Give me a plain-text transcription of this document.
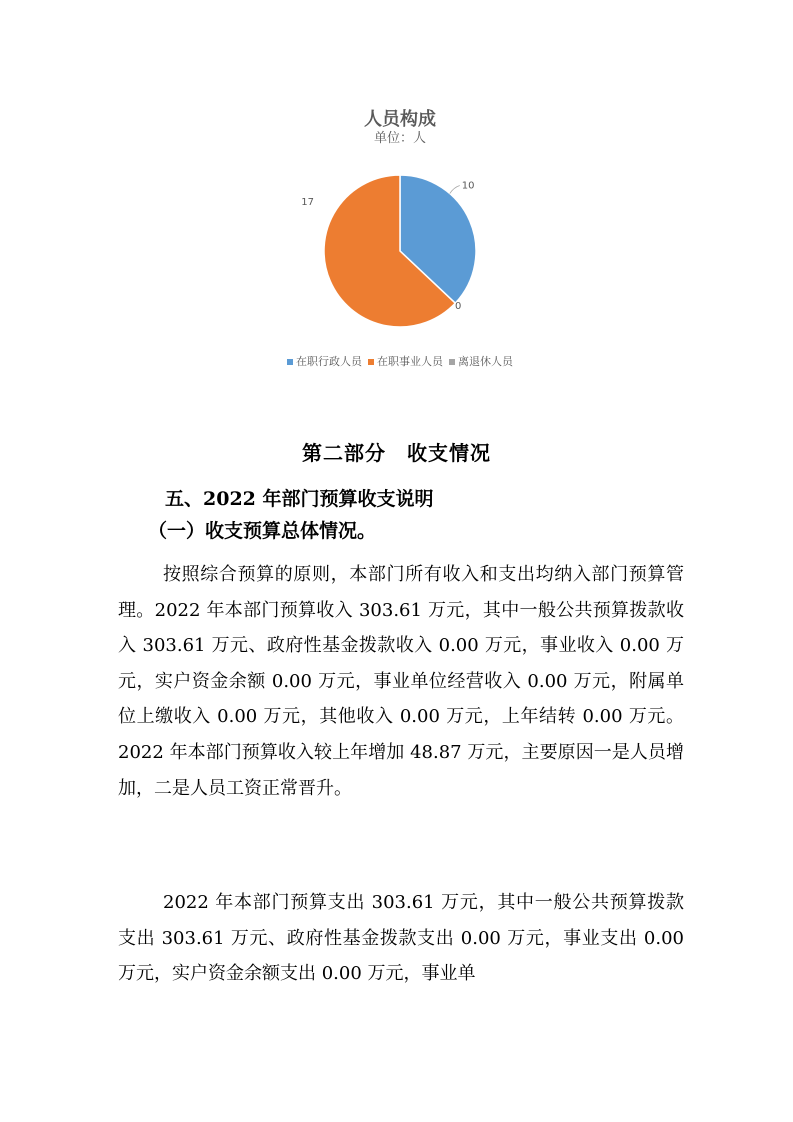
人员构成
单位：人
10
17
0
在职行政人员 在职事业人员 离退休人员
第二部分　收支情况
五、2022 年部门预算收支说明
（一）收支预算总体情况。

按照综合预算的原则，本部门所有收入和支出均纳入部门预算管理。2022 年本部门预算收入 303.61 万元，其中一般公共预算拨款收入 303.61 万元、政府性基金拨款收入 0.00 万元，事业收入 0.00 万元，实户资金余额 0.00 万元，事业单位经营收入 0.00 万元，附属单位上缴收入 0.00 万元，其他收入 0.00 万元，上年结转 0.00 万元。2022 年本部门预算收入较上年增加 48.87 万元，主要原因一是人员增加，二是人员工资正常晋升。

2022 年本部门预算支出 303.61 万元，其中一般公共预算拨款支出 303.61 万元、政府性基金拨款支出 0.00 万元，事业支出 0.00 万元，实户资金余额支出 0.00 万元，事业单
